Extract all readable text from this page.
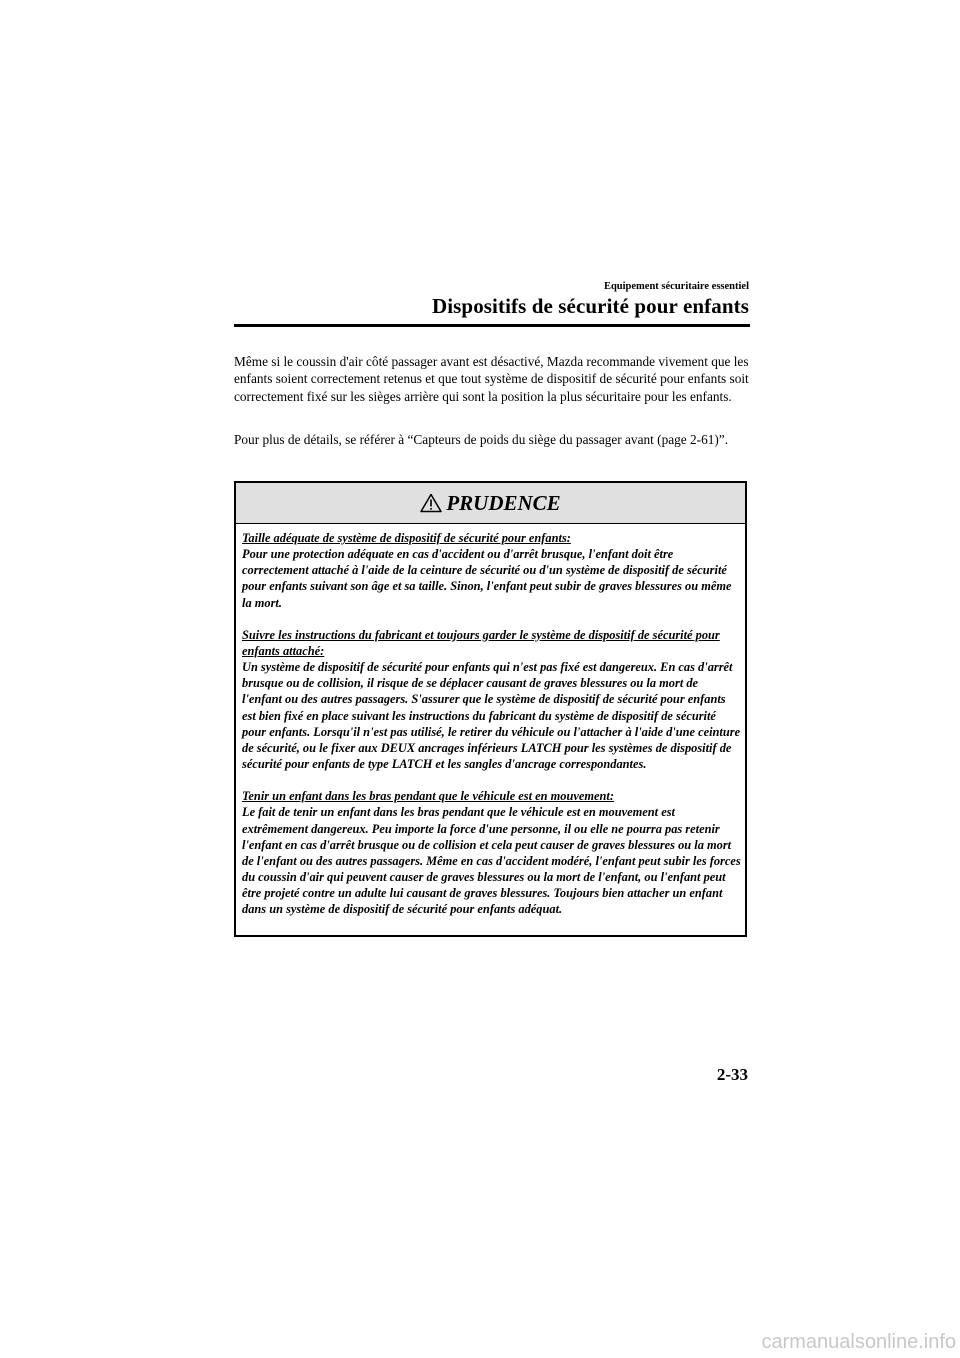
Equipement sécuritaire essentiel
Dispositifs de sécurité pour enfants

Même si le coussin d'air côté passager avant est désactivé, Mazda recommande vivement que les enfants soient correctement retenus et que tout système de dispositif de sécurité pour enfants soit correctement fixé sur les sièges arrière qui sont la position la plus sécuritaire pour les enfants.

Pour plus de détails, se référer à “Capteurs de poids du siège du passager avant (page 2-61)”.

PRUDENCE

Taille adéquate de système de dispositif de sécurité pour enfants:

Pour une protection adéquate en cas d'accident ou d'arrêt brusque, l'enfant doit être correctement attaché à l'aide de la ceinture de sécurité ou d'un système de dispositif de sécurité pour enfants suivant son âge et sa taille. Sinon, l'enfant peut subir de graves blessures ou même la mort.

Suivre les instructions du fabricant et toujours garder le système de dispositif de sécurité pour enfants attaché:

Un système de dispositif de sécurité pour enfants qui n'est pas fixé est dangereux. En cas d'arrêt brusque ou de collision, il risque de se déplacer causant de graves blessures ou la mort de l'enfant ou des autres passagers. S'assurer que le système de dispositif de sécurité pour enfants est bien fixé en place suivant les instructions du fabricant du système de dispositif de sécurité pour enfants. Lorsqu'il n'est pas utilisé, le retirer du véhicule ou l'attacher à l'aide d'une ceinture de sécurité, ou le fixer aux DEUX ancrages inférieurs LATCH pour les systèmes de dispositif de sécurité pour enfants de type LATCH et les sangles d'ancrage correspondantes.

Tenir un enfant dans les bras pendant que le véhicule est en mouvement:

Le fait de tenir un enfant dans les bras pendant que le véhicule est en mouvement est extrêmement dangereux. Peu importe la force d'une personne, il ou elle ne pourra pas retenir l'enfant en cas d'arrêt brusque ou de collision et cela peut causer de graves blessures ou la mort de l'enfant ou des autres passagers. Même en cas d'accident modéré, l'enfant peut subir les forces du coussin d'air qui peuvent causer de graves blessures ou la mort de l'enfant, ou l'enfant peut être projeté contre un adulte lui causant de graves blessures. Toujours bien attacher un enfant dans un système de dispositif de sécurité pour enfants adéquat.

2-33
carmanualsonline.info
